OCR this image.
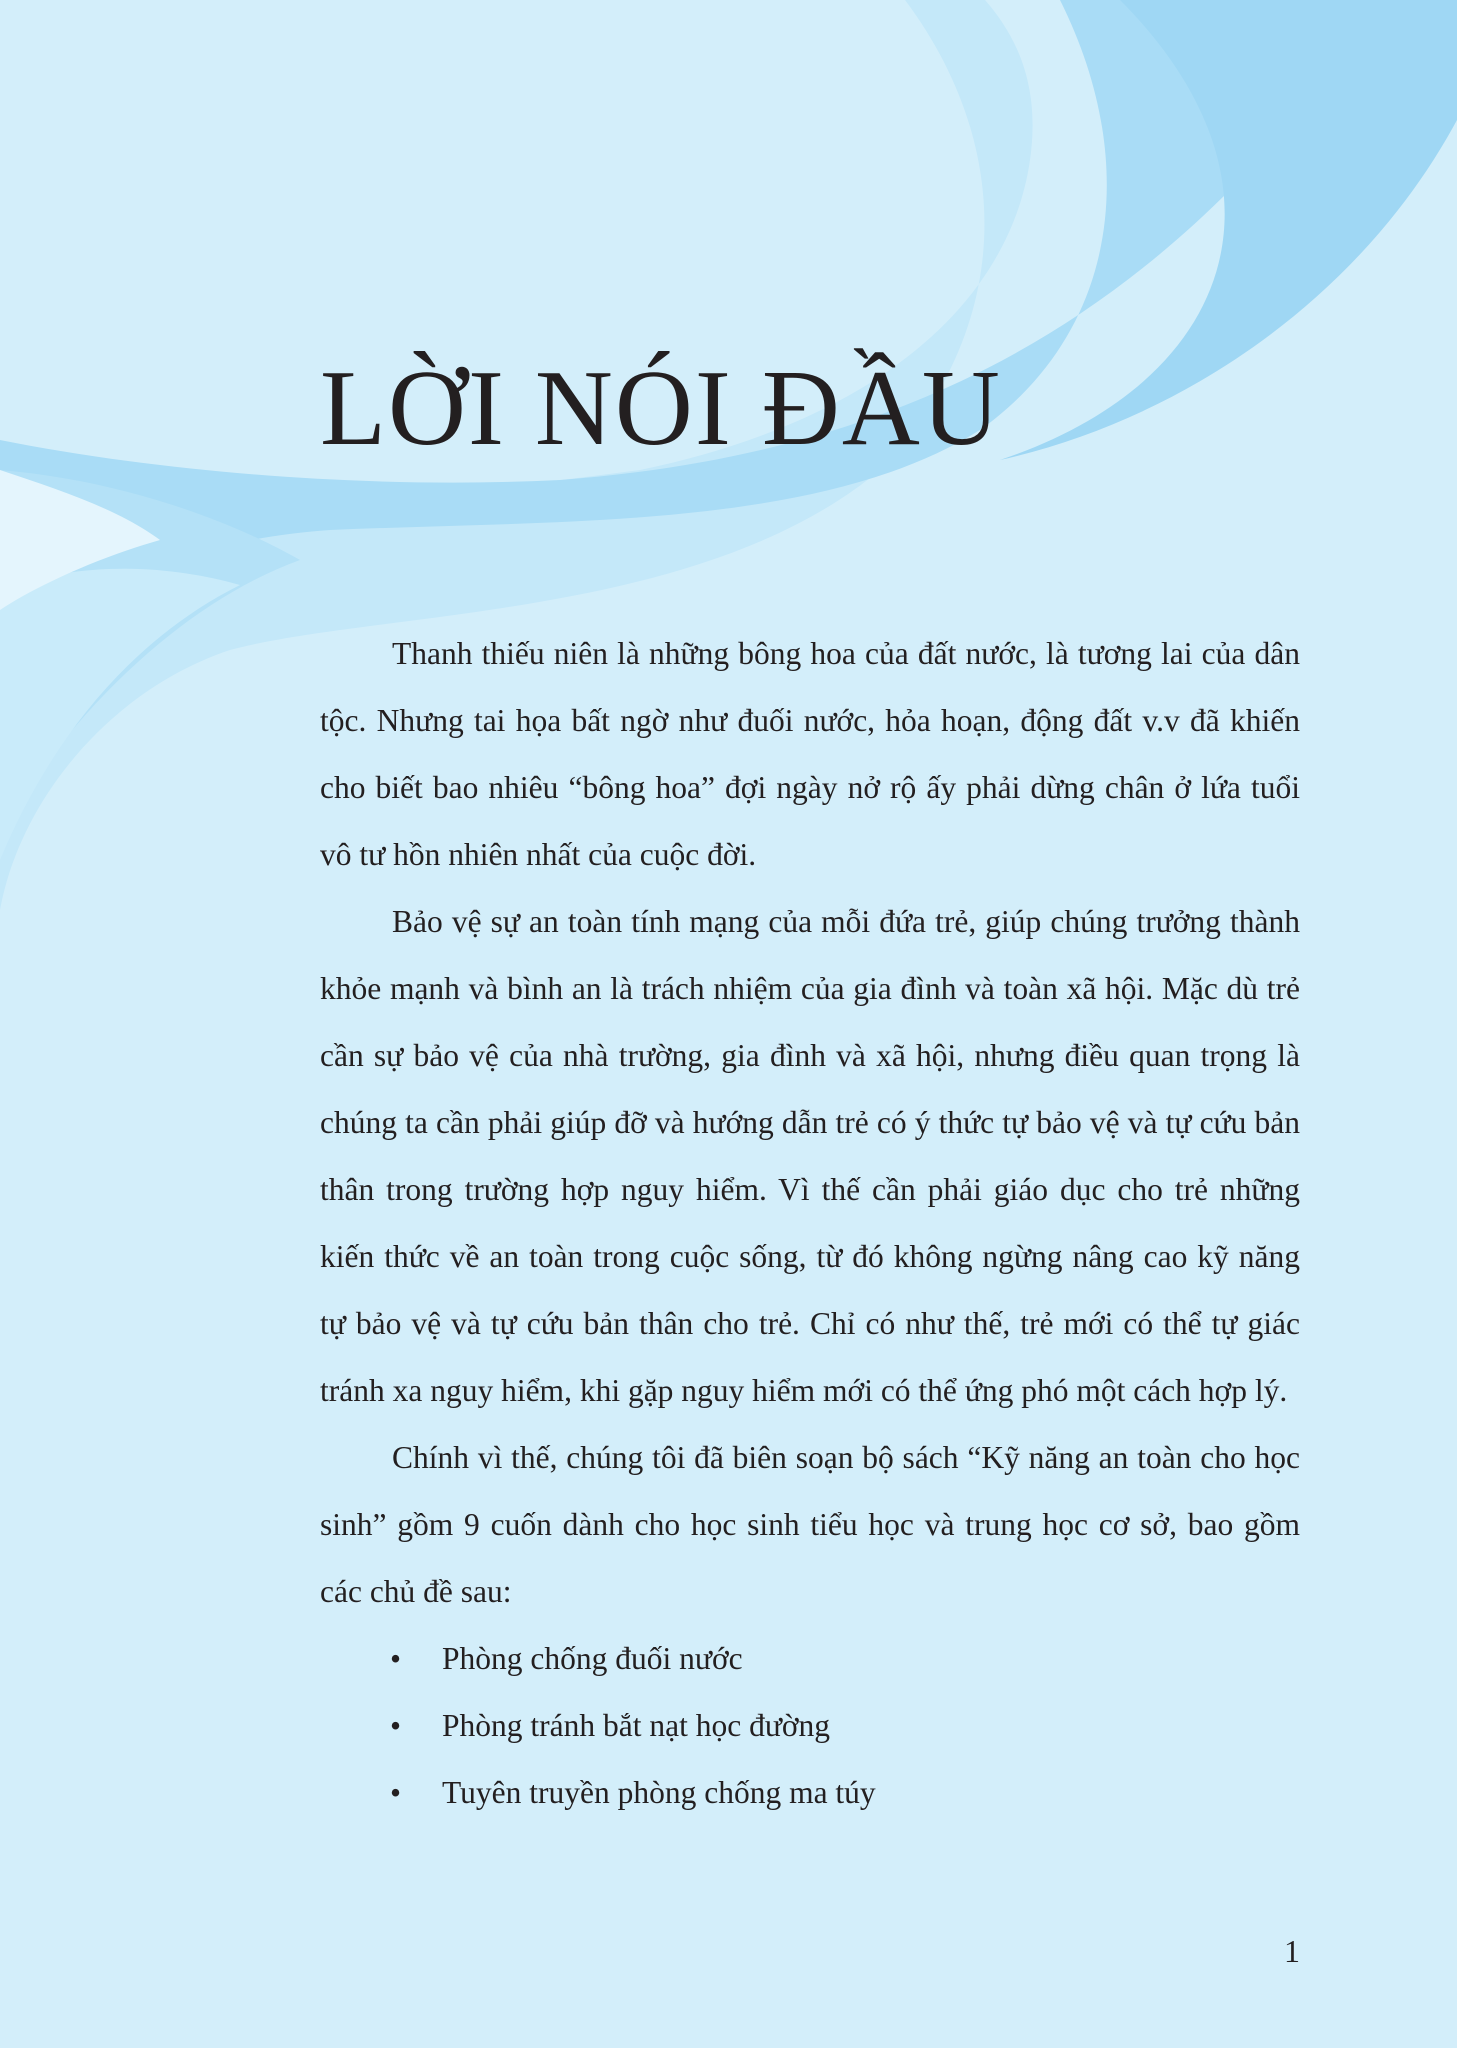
LỜI NÓI ĐẦU

Thanh thiếu niên là những bông hoa của đất nước, là tương lai của dân tộc. Nhưng tai họa bất ngờ như đuối nước, hỏa hoạn, động đất v.v đã khiến cho biết bao nhiêu “bông hoa” đợi ngày nở rộ ấy phải dừng chân ở lứa tuổi vô tư hồn nhiên nhất của cuộc đời.

Bảo vệ sự an toàn tính mạng của mỗi đứa trẻ, giúp chúng trưởng thành khỏe mạnh và bình an là trách nhiệm của gia đình và toàn xã hội. Mặc dù trẻ cần sự bảo vệ của nhà trường, gia đình và xã hội, nhưng điều quan trọng là chúng ta cần phải giúp đỡ và hướng dẫn trẻ có ý thức tự bảo vệ và tự cứu bản thân trong trường hợp nguy hiểm. Vì thế cần phải giáo dục cho trẻ những kiến thức về an toàn trong cuộc sống, từ đó không ngừng nâng cao kỹ năng tự bảo vệ và tự cứu bản thân cho trẻ. Chỉ có như thế, trẻ mới có thể tự giác tránh xa nguy hiểm, khi gặp nguy hiểm mới có thể ứng phó một cách hợp lý.

Chính vì thế, chúng tôi đã biên soạn bộ sách “Kỹ năng an toàn cho học sinh” gồm 9 cuốn dành cho học sinh tiểu học và trung học cơ sở, bao gồm các chủ đề sau:

• Phòng chống đuối nước
• Phòng tránh bắt nạt học đường
• Tuyên truyền phòng chống ma túy
1
